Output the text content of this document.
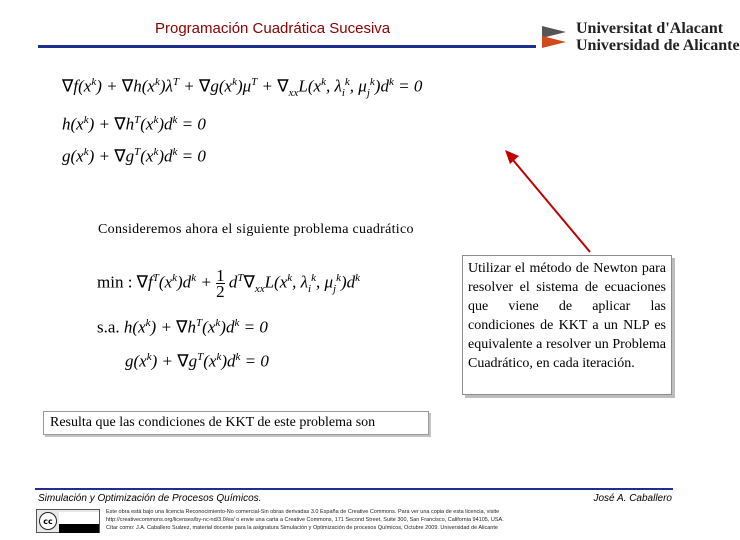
Programación Cuadrática Sucesiva	Universitat d'Alacant
Universidad de Alicante
$\nabla f(x^k) + \nabla h(x^k)\lambda^T + \nabla g(x^k)\mu^T + \nabla_{xx}L(x^k$, $\lambda_i^k$, $\mu_j^k)d^k = 0$
$h(x^k) + \nabla h^T(x^k)d^k = 0$
$g(x^k) + \nabla g^T(x^k)d^k = 0$
Consideremos ahora el siguiente problema cuadrático
min : $\nabla f^T(x^k)d^k + 1$

2
$d^T\nabla_{xx}L(x^k$, $\lambda_i^k$, $\mu_j^k)d^k$
s.a. $h(x^k) + \nabla h^T(x^k)d^k = 0$
$g(x^k) + \nabla g^T(x^k)d^k = 0$
Utilizar el método de Newton para resolver el sistema de ecuaciones que viene de aplicar las condiciones de KKT a un NLP es equivalente a resolver un Problema Cuadrático, en cada iteración.
Resulta que las condiciones de KKT de este problema son
Simulación y Optimización de Procesos Químicos.	José A. Caballero
cc
Este obra está bajo una licencia Reconocimiento-No comercial-Sin obras derivadas 3.0 España de Creative Commons. Para ver una copia de esta licencia, visite
http://creativecommons.org/licenses/by-nc-nd/3.0/es/ o envie una carta a Creative Commons, 171 Second Street, Suite 300, San Francisco, California 94105, USA.
Cítar como: J.A. Caballero Suárez, material docente para la asignatura Simulación y Optimización de procesos Químicos, Octubre 2009. Universidad de Alicante
